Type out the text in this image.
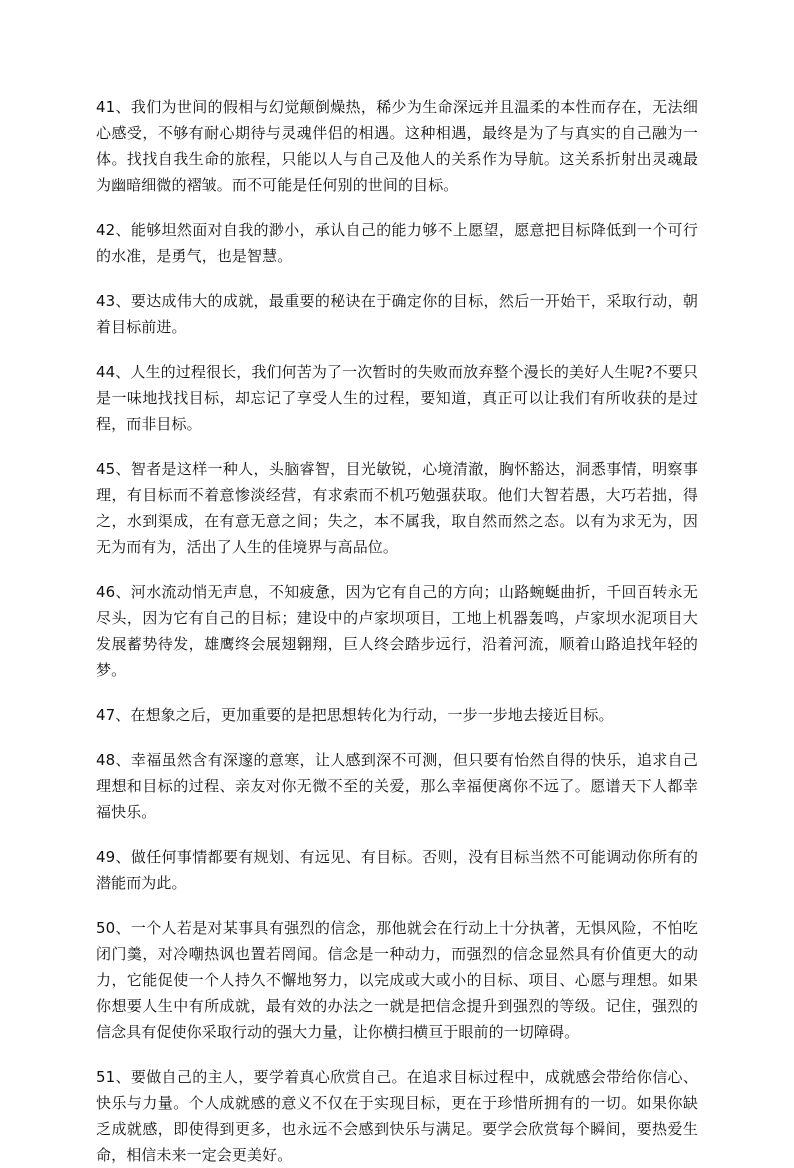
41、我们为世间的假相与幻觉颠倒燥热，稀少为生命深远并且温柔的本性而存在，无法细心感受，不够有耐心期待与灵魂伴侣的相遇。这种相遇，最终是为了与真实的自己融为一体。找找自我生命的旅程，只能以人与自己及他人的关系作为导航。这关系折射出灵魂最为幽暗细微的褶皱。而不可能是任何别的世间的目标。

42、能够坦然面对自我的渺小，承认自己的能力够不上愿望，愿意把目标降低到一个可行的水准，是勇气，也是智慧。

43、要达成伟大的成就，最重要的秘诀在于确定你的目标，然后一开始干，采取行动，朝着目标前进。

44、人生的过程很长，我们何苦为了一次暂时的失败而放弃整个漫长的美好人生呢?不要只是一味地找找目标，却忘记了享受人生的过程，要知道，真正可以让我们有所收获的是过程，而非目标。

45、智者是这样一种人，头脑睿智，目光敏锐，心境清澈，胸怀豁达，洞悉事情，明察事理，有目标而不着意惨淡经营，有求索而不机巧勉强获取。他们大智若愚，大巧若拙，得之，水到渠成，在有意无意之间；失之，本不属我，取自然而然之态。以有为求无为，因无为而有为，活出了人生的佳境界与高品位。

46、河水流动悄无声息，不知疲惫，因为它有自己的方向；山路蜿蜒曲折，千回百转永无尽头，因为它有自己的目标；建设中的卢家坝项目，工地上机器轰鸣，卢家坝水泥项目大发展蓄势待发，雄鹰终会展翅翱翔，巨人终会踏步远行，沿着河流，顺着山路追找年轻的梦。

47、在想象之后，更加重要的是把思想转化为行动，一步一步地去接近目标。

48、幸福虽然含有深邃的意寒，让人感到深不可测，但只要有怡然自得的快乐，追求自己理想和目标的过程、亲友对你无微不至的关爱，那么幸福便离你不远了。愿谱天下人都幸福快乐。

49、做任何事情都要有规划、有远见、有目标。否则，没有目标当然不可能调动你所有的潜能而为此。

50、一个人若是对某事具有强烈的信念，那他就会在行动上十分执著，无惧风险，不怕吃闭门羹，对冷嘲热讽也置若罔闻。信念是一种动力，而强烈的信念显然具有价值更大的动力，它能促使一个人持久不懈地努力，以完成或大或小的目标、项目、心愿与理想。如果你想要人生中有所成就，最有效的办法之一就是把信念提升到强烈的等级。记住，强烈的信念具有促使你采取行动的强大力量，让你横扫横亘于眼前的一切障碍。

51、要做自己的主人，要学着真心欣赏自己。在追求目标过程中，成就感会带给你信心、快乐与力量。个人成就感的意义不仅在于实现目标，更在于珍惜所拥有的一切。如果你缺乏成就感，即使得到更多，也永远不会感到快乐与满足。要学会欣赏每个瞬间，要热爱生命，相信未来一定会更美好。
